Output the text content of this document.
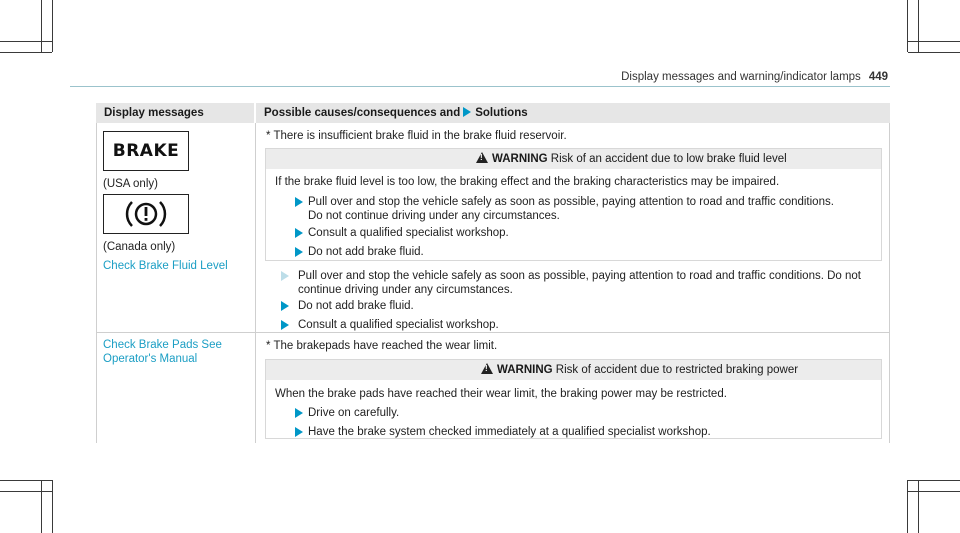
Display messages and warning/indicator lamps 449
Display messages	Possible causes/consequences and Solutions
BRAKE
(USA only)
(Canada only)
Check Brake Fluid Level
* There is insufficient brake fluid in the brake fluid reservoir.
!WARNING Risk of an accident due to low brake fluid level
If the brake fluid level is too low, the braking effect and the braking characteristics may be impaired.
Pull over and stop the vehicle safely as soon as possible, paying attention to road and traffic conditions.
Do not continue driving under any circumstances.
Consult a qualified specialist workshop.
Do not add brake fluid.
Pull over and stop the vehicle safely as soon as possible, paying attention to road and traffic conditions. Do not
continue driving under any circumstances.
Do not add brake fluid.
Consult a qualified specialist workshop.
Check Brake Pads See
Operator's Manual
* The brakepads have reached the wear limit.
!WARNING Risk of accident due to restricted braking power
When the brake pads have reached their wear limit, the braking power may be restricted.
Drive on carefully.
Have the brake system checked immediately at a qualified specialist workshop.
